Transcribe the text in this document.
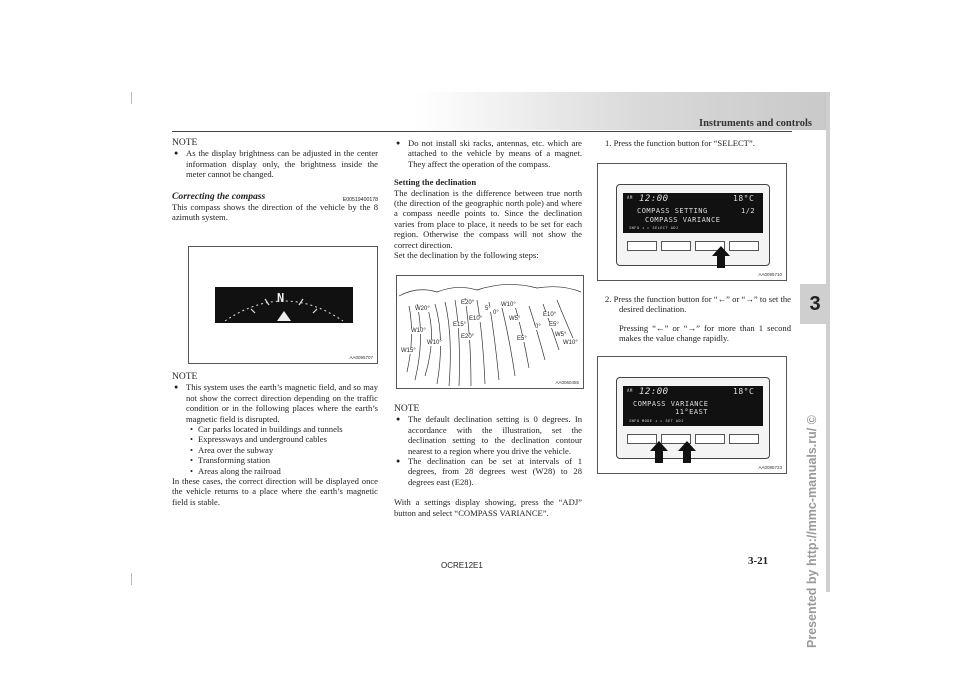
Instruments and controls
3
Presented by http://mmc-manuals.ru/ ©

NOTE

● As the display brightness can be adjusted in the center information display only, the brightness inside the meter cannot be changed.

Correcting the compass	E00519400178

This compass shows the direction of the vehicle by the 8 azimuth system.

N
AA0095707

NOTE

● This system uses the earth’s magnetic field, and so may not show the correct direction depending on the traffic condition or in the following places where the earth’s magnetic field is disrupted.

• Car parks located in buildings and tunnels

• Expressways and underground cables

• Area over the subway

• Transforming station

• Areas along the railroad

In these cases, the correct direction will be displayed once the vehicle returns to a place where the earth’s magnetic field is stable.

● Do not install ski racks, antennas, etc. which are attached to the vehicle by means of a magnet. They affect the operation of the compass.

Setting the declination

The declination is the difference between true north (the direction of the geographic north pole) and where a compass needle points to. Since the declination varies from place to place, it needs to be set for each region. Otherwise the compass will not show the correct direction.

Set the declination by the following steps:

W20°
W10°
W10°
W15°
E20°
E15°
E10°
E20°
W10°
W5°
E10°
E5°
W5°
W10°
E5°
0°
5°
0°
AA0060455

NOTE

● The default declination setting is 0 degrees. In accordance with the illustration, set the declination setting to the declination contour nearest to a region where you drive the vehicle.

● The declination can be set at intervals of 1 degrees, from 28 degrees west (W28) to 28 degrees east (E28).

With a settings display showing, press the “ADJ” button and select “COMPASS VARIANCE”.

1. Press the function button for “SELECT”.

AM 12:00	18°C
COMPASS SETTING	1/2
COMPASS VARIANCE
INFO ◂ ▸ SELECT ADJ
AA0095710

2. Press the function button for “←” or “→” to set the desired declination.

Pressing “←” or “→” for more than 1 second makes the value change rapidly.

AM 12:00	18°C
COMPASS VARIANCE
11°EAST
INFO MODE ◂ ▸ SET ADJ
AA0095723
OCRE12E1	3-21
